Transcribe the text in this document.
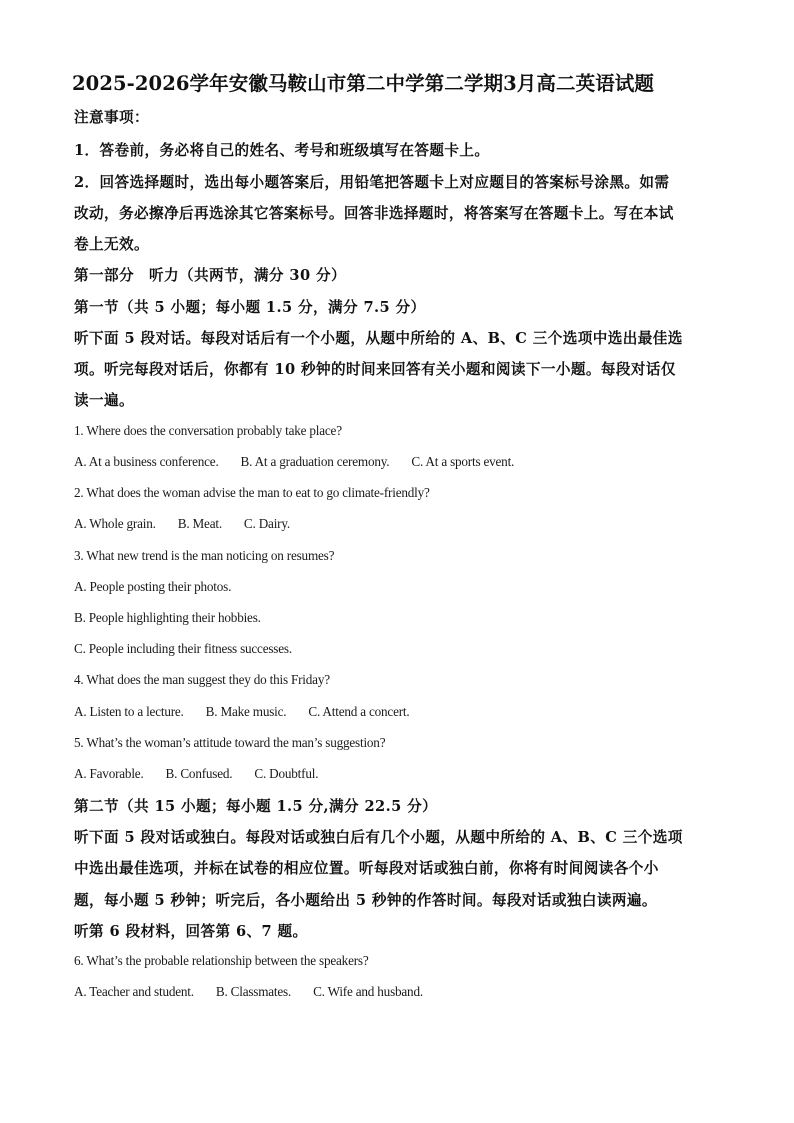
2025-2026学年安徽马鞍山市第二中学第二学期3月高二英语试题
注意事项：
1．答卷前，务必将自己的姓名、考号和班级填写在答题卡上。
2．回答选择题时，选出每小题答案后，用铅笔把答题卡上对应题目的答案标号涂黑。如需
改动，务必擦净后再选涂其它答案标号。回答非选择题时，将答案写在答题卡上。写在本试
卷上无效。
第一部分　听力（共两节，满分 30 分）
第一节（共 5 小题；每小题 1.5 分，满分 7.5 分）
听下面 5 段对话。每段对话后有一个小题，从题中所给的 A、B、C 三个选项中选出最佳选
项。听完每段对话后，你都有 10 秒钟的时间来回答有关小题和阅读下一小题。每段对话仅
读一遍。
1. Where does the conversation probably take place?
A. At a business conference. B. At a graduation ceremony. C. At a sports event.
2. What does the woman advise the man to eat to go climate-friendly?
A. Whole grain. B. Meat. C. Dairy.
3. What new trend is the man noticing on resumes?
A. People posting their photos.
B. People highlighting their hobbies.
C. People including their fitness successes.
4. What does the man suggest they do this Friday?
A. Listen to a lecture. B. Make music. C. Attend a concert.
5. What’s the woman’s attitude toward the man’s suggestion?
A. Favorable. B. Confused. C. Doubtful.
第二节（共 15 小题；每小题 1.5 分,满分 22.5 分）
听下面 5 段对话或独白。每段对话或独白后有几个小题，从题中所给的 A、B、C 三个选项
中选出最佳选项，并标在试卷的相应位置。听每段对话或独白前，你将有时间阅读各个小
题，每小题 5 秒钟；听完后，各小题给出 5 秒钟的作答时间。每段对话或独白读两遍。
听第 6 段材料，回答第 6、7 题。
6. What’s the probable relationship between the speakers?
A. Teacher and student. B. Classmates. C. Wife and husband.
